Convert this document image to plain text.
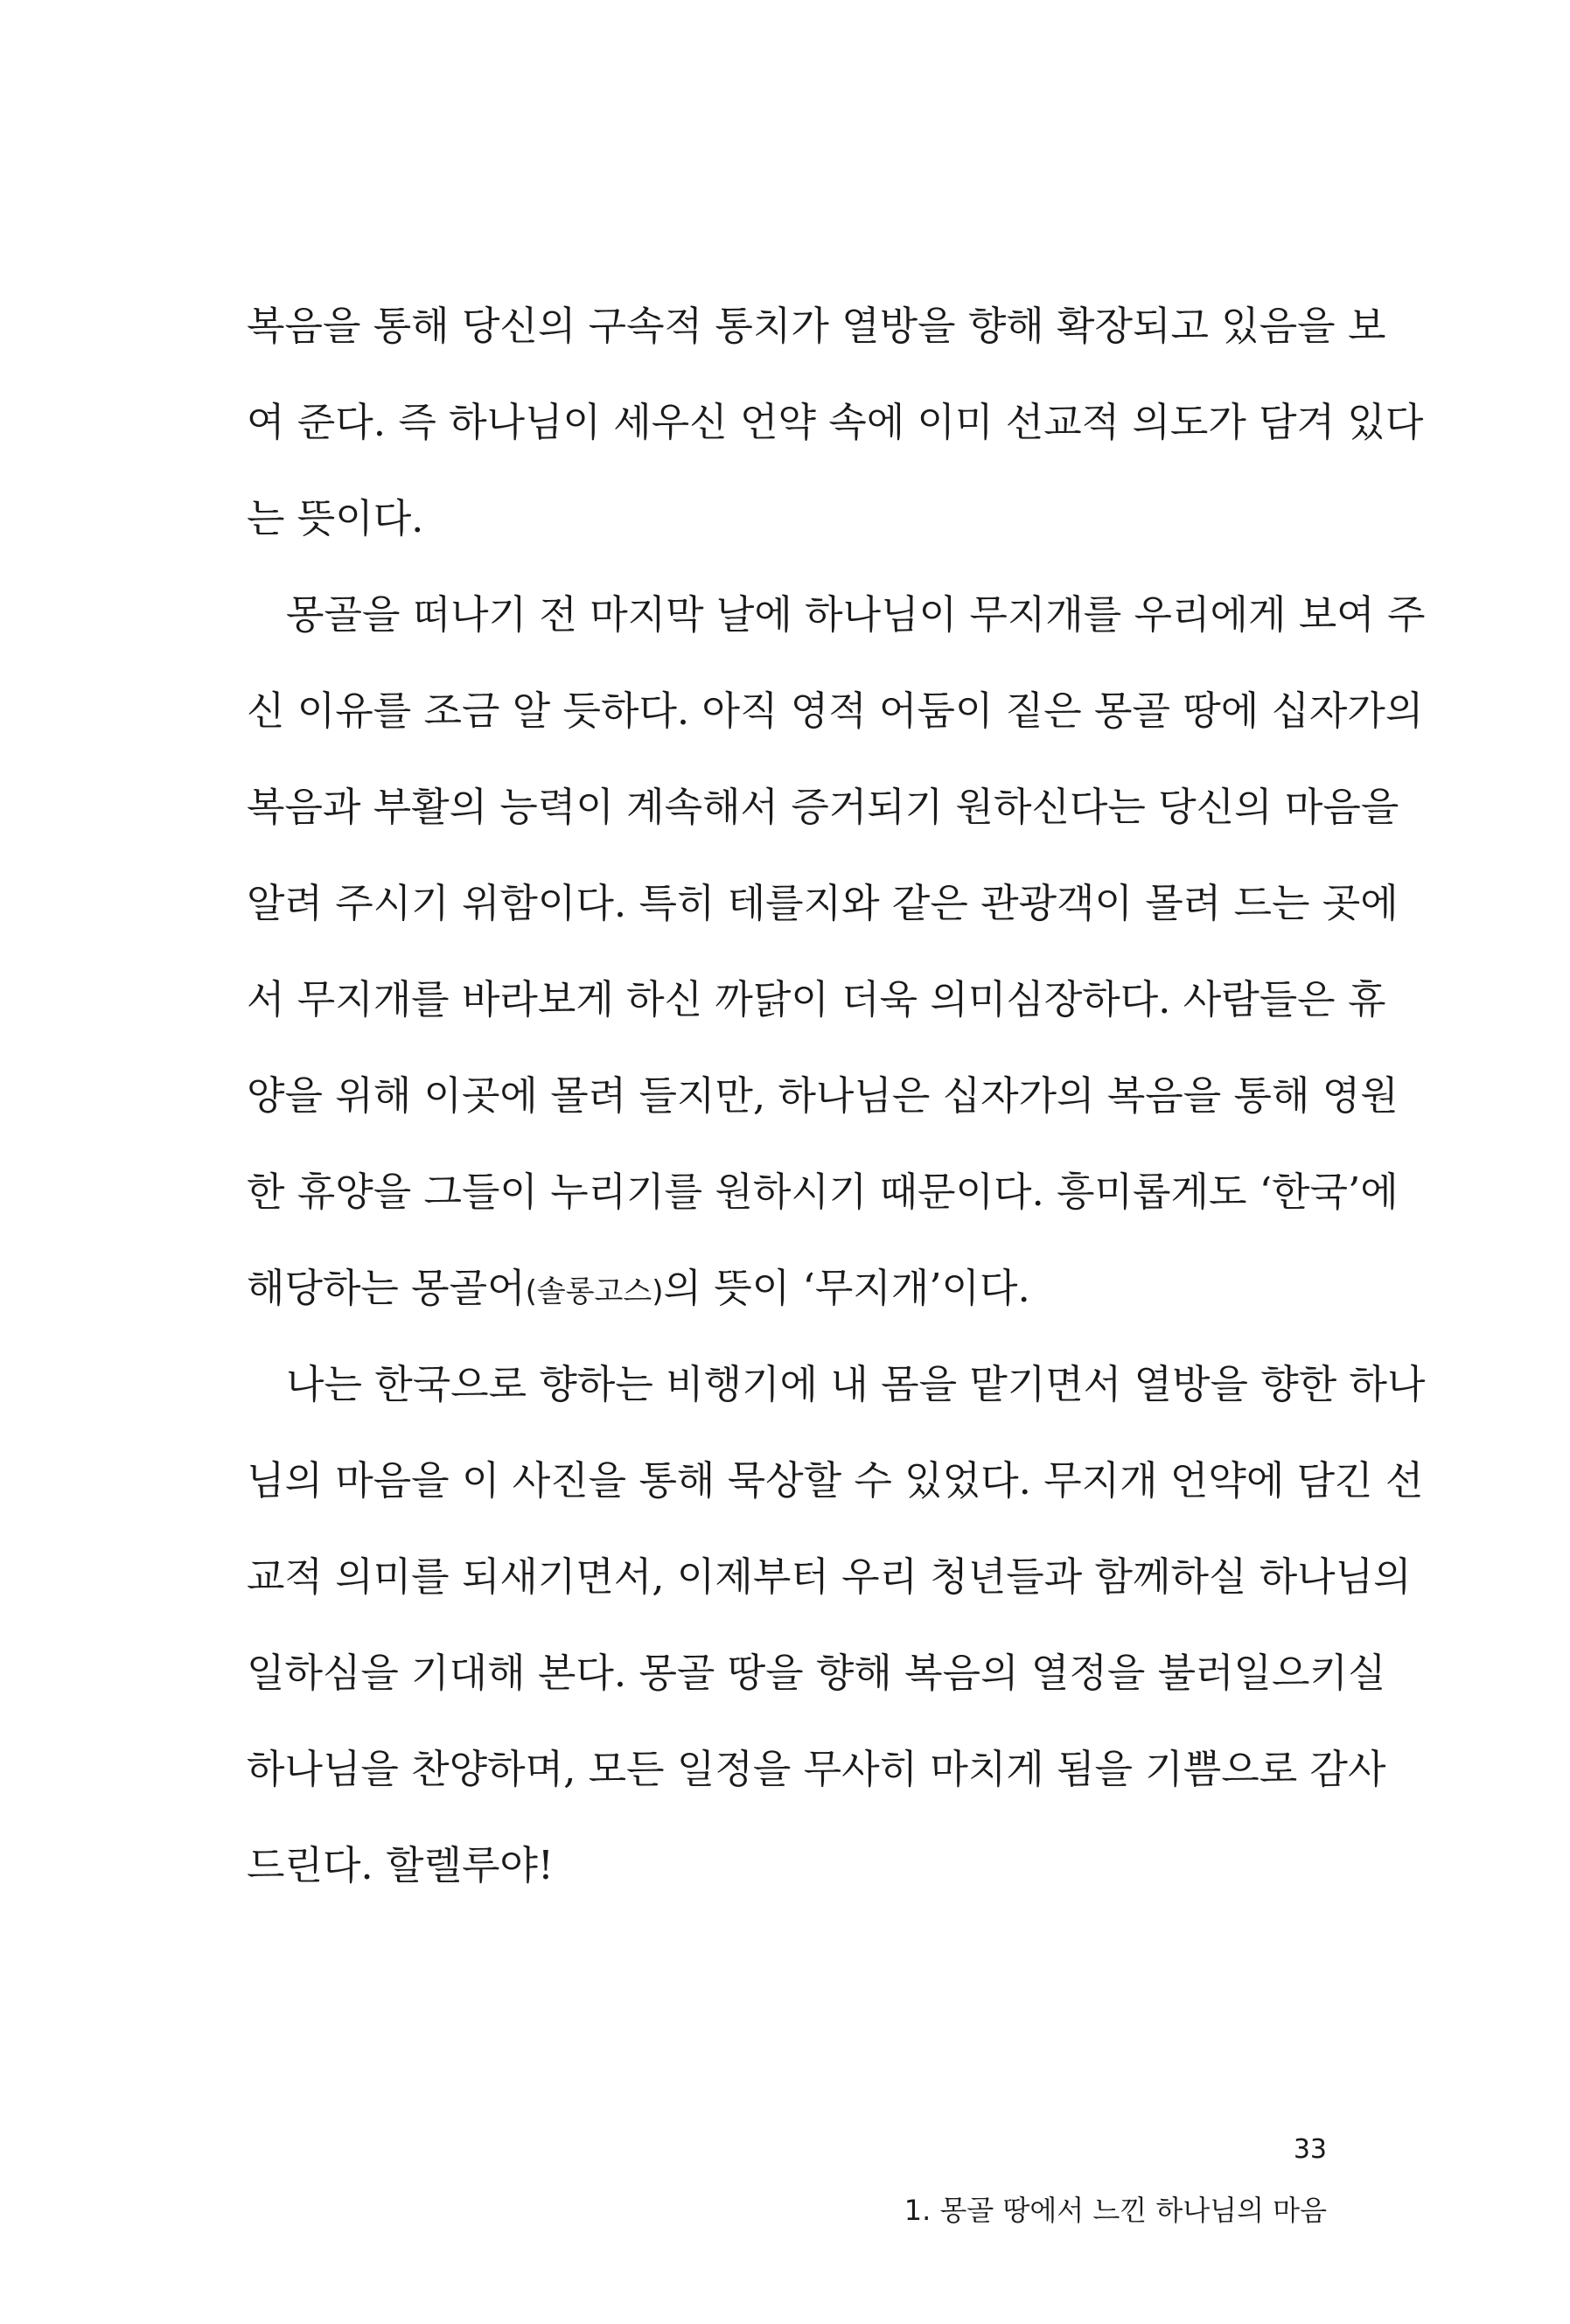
복음을 통해 당신의 구속적 통치가 열방을 향해 확장되고 있음을 보
여 준다. 즉 하나님이 세우신 언약 속에 이미 선교적 의도가 담겨 있다
는 뜻이다.
몽골을 떠나기 전 마지막 날에 하나님이 무지개를 우리에게 보여 주
신 이유를 조금 알 듯하다. 아직 영적 어둠이 짙은 몽골 땅에 십자가의
복음과 부활의 능력이 계속해서 증거되기 원하신다는 당신의 마음을
알려 주시기 위함이다. 특히 테를지와 같은 관광객이 몰려 드는 곳에
서 무지개를 바라보게 하신 까닭이 더욱 의미심장하다. 사람들은 휴
양을 위해 이곳에 몰려 들지만, 하나님은 십자가의 복음을 통해 영원
한 휴양을 그들이 누리기를 원하시기 때문이다. 흥미롭게도 ‘한국’에
해당하는 몽골어(솔롱고스)의 뜻이 ‘무지개’이다.
나는 한국으로 향하는 비행기에 내 몸을 맡기면서 열방을 향한 하나
님의 마음을 이 사진을 통해 묵상할 수 있었다. 무지개 언약에 담긴 선
교적 의미를 되새기면서, 이제부터 우리 청년들과 함께하실 하나님의
일하심을 기대해 본다. 몽골 땅을 향해 복음의 열정을 불러일으키실
하나님을 찬양하며, 모든 일정을 무사히 마치게 됨을 기쁨으로 감사
드린다. 할렐루야!
33
1. 몽골 땅에서 느낀 하나님의 마음
